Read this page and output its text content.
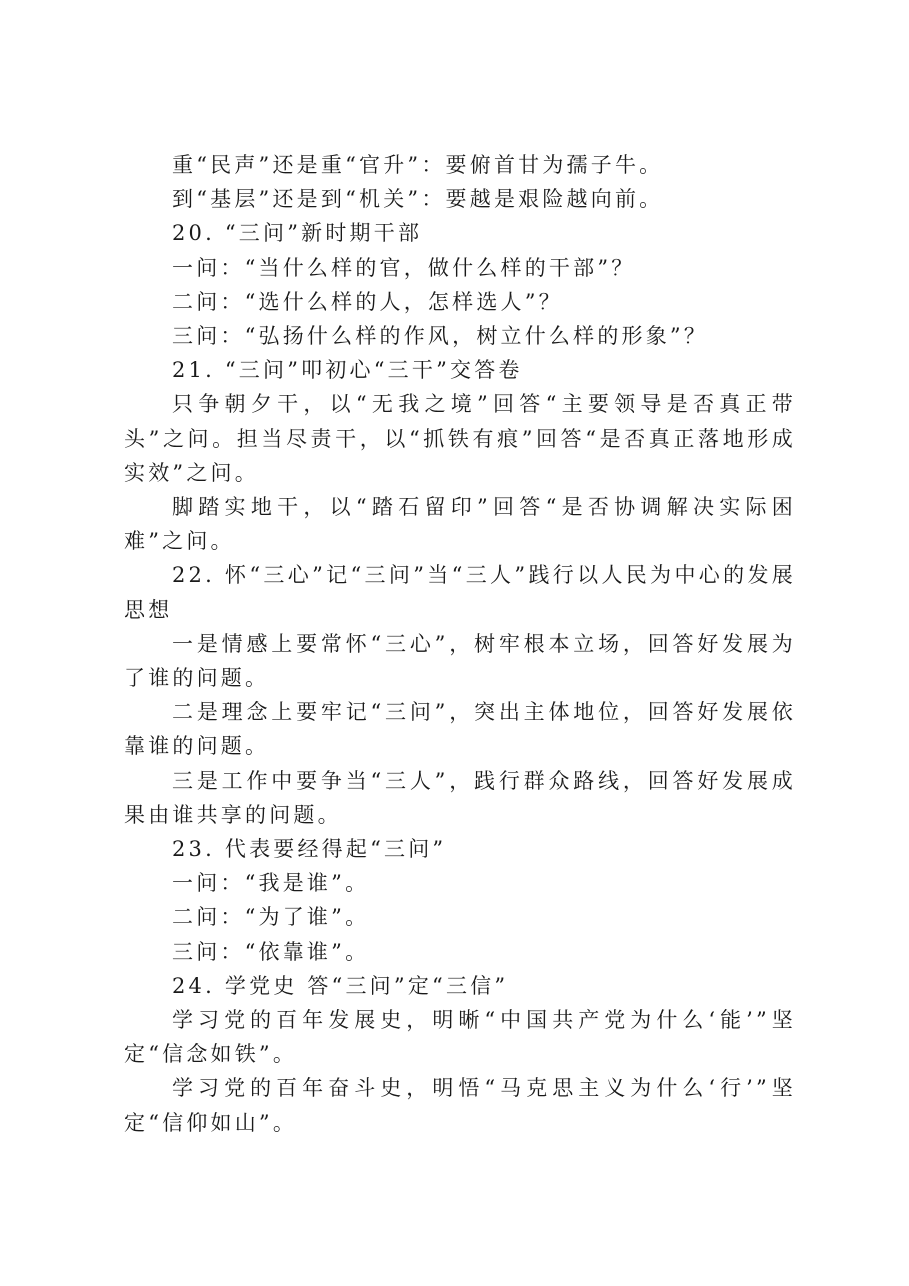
重“民声”还是重“官升”：要俯首甘为孺子牛。

到“基层”还是到“机关”：要越是艰险越向前。

20. “三问”新时期干部

一问：“当什么样的官，做什么样的干部”？

二问：“选什么样的人，怎样选人”？

三问：“弘扬什么样的作风，树立什么样的形象”？

21. “三问”叩初心“三干”交答卷

只争朝夕干，以“无我之境”回答“主要领导是否真正带头”之问。担当尽责干，以“抓铁有痕”回答“是否真正落地形成实效”之问。

脚踏实地干，以“踏石留印”回答“是否协调解决实际困难”之问。

22. 怀“三心”记“三问”当“三人”践行以人民为中心的发展思想

一是情感上要常怀“三心”，树牢根本立场，回答好发展为了谁的问题。

二是理念上要牢记“三问”，突出主体地位，回答好发展依靠谁的问题。

三是工作中要争当“三人”，践行群众路线，回答好发展成果由谁共享的问题。

23. 代表要经得起“三问”

一问：“我是谁”。

二问：“为了谁”。

三问：“依靠谁”。

24. 学党史 答“三问”定“三信”

学习党的百年发展史，明晰“中国共产党为什么‘能’”坚定“信念如铁”。

学习党的百年奋斗史，明悟“马克思主义为什么‘行’”坚定“信仰如山”。
